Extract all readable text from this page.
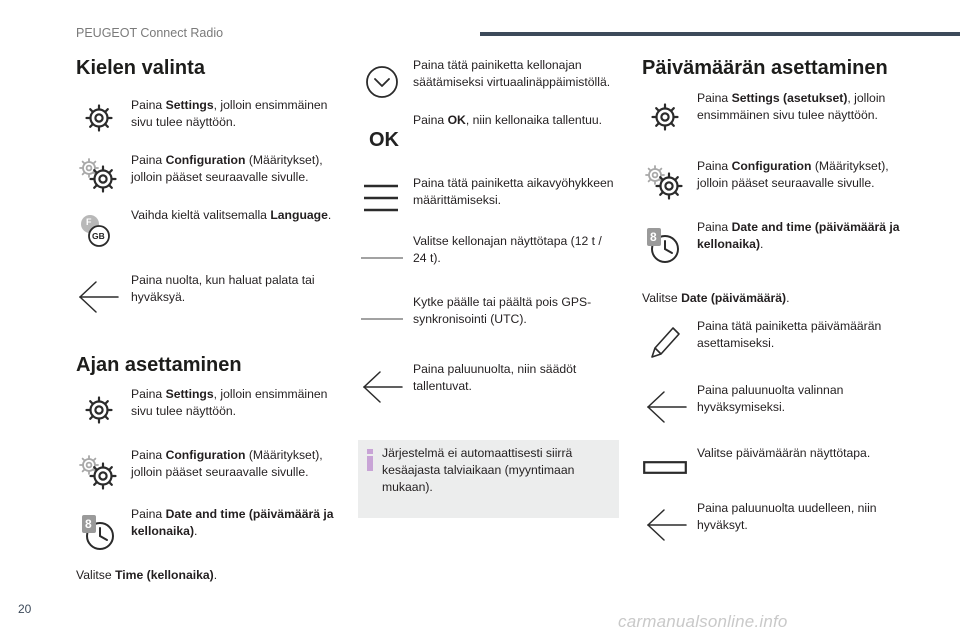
PEUGEOT Connect Radio
20
carmanualsonline.info
Kielen valinta
Paina Settings, jolloin ensimmäinen sivu tulee näyttöön.
Paina Configuration (Määritykset), jolloin pääset seuraavalle sivulle.
F
GB
Vaihda kieltä valitsemalla Language.
Paina nuolta, kun haluat palata tai hyväksyä.
Ajan asettaminen
Paina Settings, jolloin ensimmäinen sivu tulee näyttöön.
Paina Configuration (Määritykset), jolloin pääset seuraavalle sivulle.
8
Paina Date and time (päivämäärä ja kellonaika).
Valitse Time (kellonaika).
Paina tätä painiketta kellonajan säätämiseksi virtuaalinäppäimistöllä.
OK
Paina OK, niin kellonaika tallentuu.
Paina tätä painiketta aikavyöhykkeen määrittämiseksi.
Valitse kellonajan näyttötapa (12 t / 24 t).
Kytke päälle tai päältä pois GPS-synkronisointi (UTC).
Paina paluunuolta, niin säädöt tallentuvat.
Järjestelmä ei automaattisesti siirrä kesäajasta talviaikaan (myyntimaan mukaan).
Päivämäärän asettaminen
Paina Settings (asetukset), jolloin ensimmäinen sivu tulee näyttöön.
Paina Configuration (Määritykset), jolloin pääset seuraavalle sivulle.
8
Paina Date and time (päivämäärä ja kellonaika).
Valitse Date (päivämäärä).
Paina tätä painiketta päivämäärän asettamiseksi.
Paina paluunuolta valinnan hyväksymiseksi.
Valitse päivämäärän näyttötapa.
Paina paluunuolta uudelleen, niin hyväksyt.
